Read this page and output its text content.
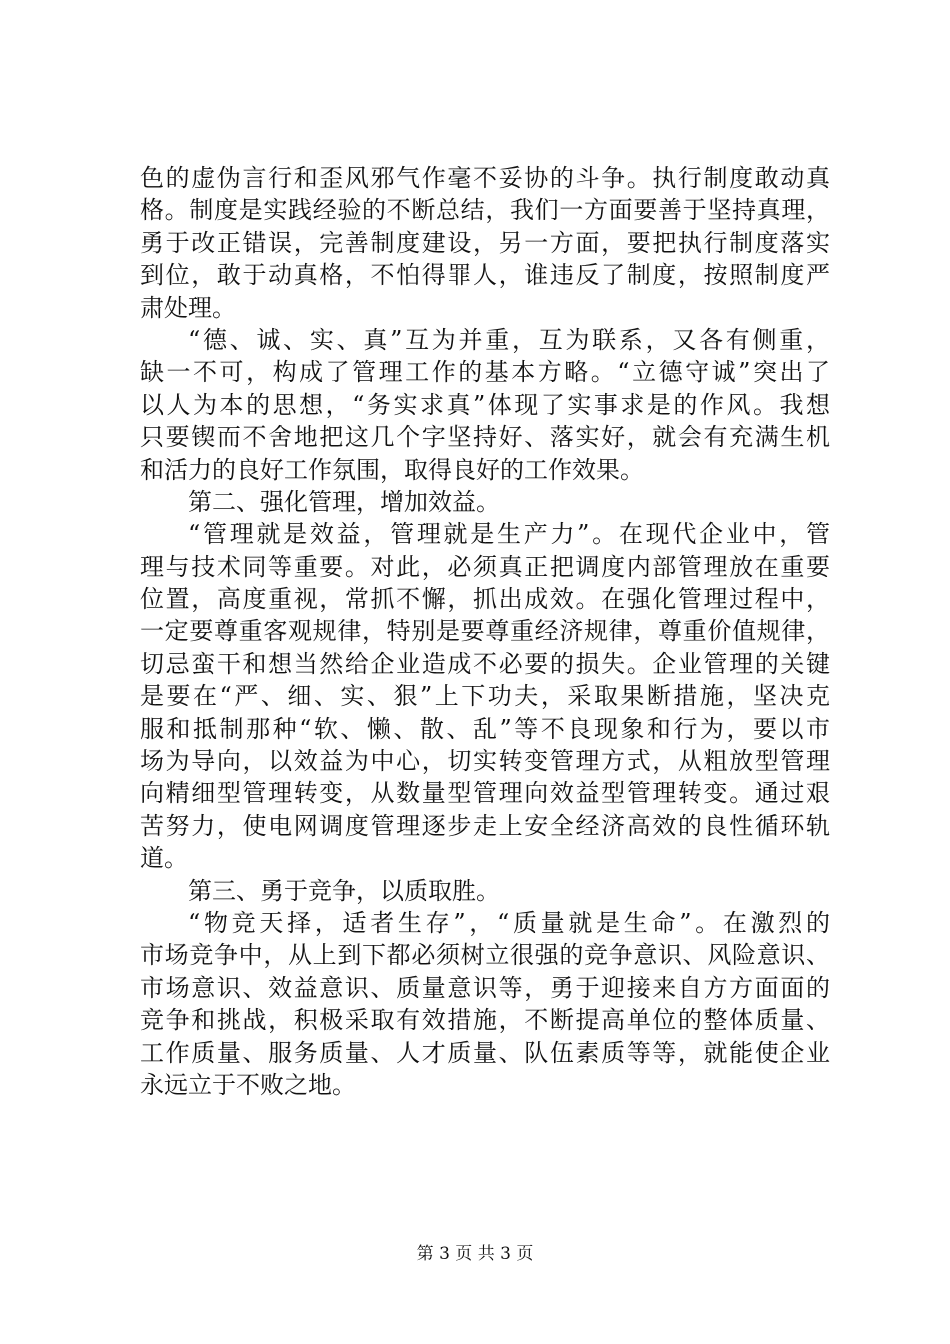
色的虚伪言行和歪风邪气作毫不妥协的斗争。执行制度敢动真
格。制度是实践经验的不断总结，我们一方面要善于坚持真理，
勇于改正错误，完善制度建设，另一方面，要把执行制度落实
到位，敢于动真格，不怕得罪人，谁违反了制度，按照制度严
肃处理。
“德、诚、实、真”互为并重，互为联系，又各有侧重，
缺一不可，构成了管理工作的基本方略。“立德守诚”突出了
以人为本的思想，“务实求真”体现了实事求是的作风。我想
只要锲而不舍地把这几个字坚持好、落实好，就会有充满生机
和活力的良好工作氛围，取得良好的工作效果。
第二、强化管理，增加效益。
“管理就是效益，管理就是生产力”。在现代企业中，管
理与技术同等重要。对此，必须真正把调度内部管理放在重要
位置，高度重视，常抓不懈，抓出成效。在强化管理过程中，
一定要尊重客观规律，特别是要尊重经济规律，尊重价值规律，
切忌蛮干和想当然给企业造成不必要的损失。企业管理的关键
是要在“严、细、实、狠”上下功夫，采取果断措施，坚决克
服和抵制那种“软、懒、散、乱”等不良现象和行为，要以市
场为导向，以效益为中心，切实转变管理方式，从粗放型管理
向精细型管理转变，从数量型管理向效益型管理转变。通过艰
苦努力，使电网调度管理逐步走上安全经济高效的良性循环轨
道。
第三、勇于竞争，以质取胜。
“物竞天择，适者生存”，“质量就是生命”。在激烈的
市场竞争中，从上到下都必须树立很强的竞争意识、风险意识、
市场意识、效益意识、质量意识等，勇于迎接来自方方面面的
竞争和挑战，积极采取有效措施，不断提高单位的整体质量、
工作质量、服务质量、人才质量、队伍素质等等，就能使企业
永远立于不败之地。
第 3 页 共 3 页
